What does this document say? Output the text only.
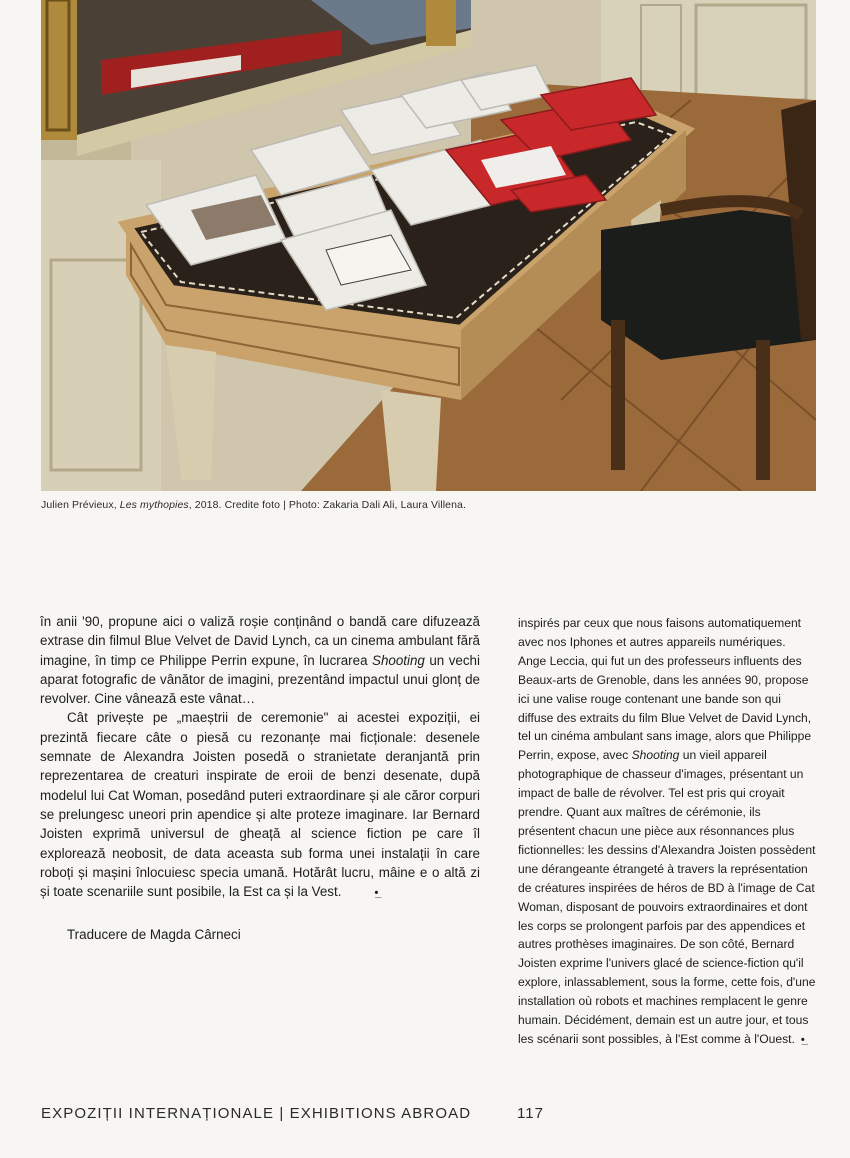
Julien Prévieux, Les mythopies, 2018. Credite foto | Photo: Zakaria Dali Ali, Laura Villena.

în anii '90, propune aici o valiză roșie conținând o bandă care difuzează extrase din filmul Blue Velvet de David Lynch, ca un cinema ambulant fără imagine, în timp ce Philippe Perrin expune, în lucrarea Shooting un vechi aparat fotografic de vânător de imagini, prezentând impactul unui glonț de revolver. Cine vânează este vânat…

Cât privește pe „maeștrii de ceremonie" ai acestei expoziții, ei prezintă fiecare câte o piesă cu rezonanțe mai ficționale: desenele semnate de Alexandra Joisten posedă o stranietate deranjantă prin reprezentarea de creaturi inspirate de eroii de benzi desenate, după modelul lui Cat Woman, posedând puteri extraordinare și ale căror corpuri se prelungesc uneori prin apendice și alte proteze imaginare. Iar Bernard Joisten exprimă universul de gheață al science fiction pe care îl explorează neobosit, de data aceasta sub forma unei instalații în care roboți și mașini înlocuiesc specia umană. Hotărât lucru, mâine e o altă zi și toate scenariile sunt posibile, la Est ca și la Vest.	•̲

Traducere de Magda Cârneci

inspirés par ceux que nous faisons automatiquement avec nos Iphones et autres appareils numériques. Ange Leccia, qui fut un des professeurs influents des Beaux-arts de Grenoble, dans les années 90, propose ici une valise rouge contenant une bande son qui diffuse des extraits du film Blue Velvet de David Lynch, tel un cinéma ambulant sans image, alors que Philippe Perrin, expose, avec Shooting un vieil appareil photographique de chasseur d'images, présentant un impact de balle de révolver. Tel est pris qui croyait prendre. Quant aux maîtres de cérémonie, ils présentent chacun une pièce aux résonnances plus fictionnelles: les dessins d'Alexandra Joisten possèdent une dérangeante étrangeté à travers la représentation de créatures inspirées de héros de BD à l'image de Cat Woman, disposant de pouvoirs extraordinaires et dont les corps se prolongent parfois par des appendices et autres prothèses imaginaires. De son côté, Bernard Joisten exprime l'univers glacé de science-fiction qu'il explore, inlassablement, sous la forme, cette fois, d'une installation où robots et machines remplacent le genre humain. Décidément, demain est un autre jour, et tous les scénarii sont possibles, à l'Est comme à l'Ouest. •̲

EXPOZIȚII INTERNAȚIONALE | EXHIBITIONS ABROAD	117
